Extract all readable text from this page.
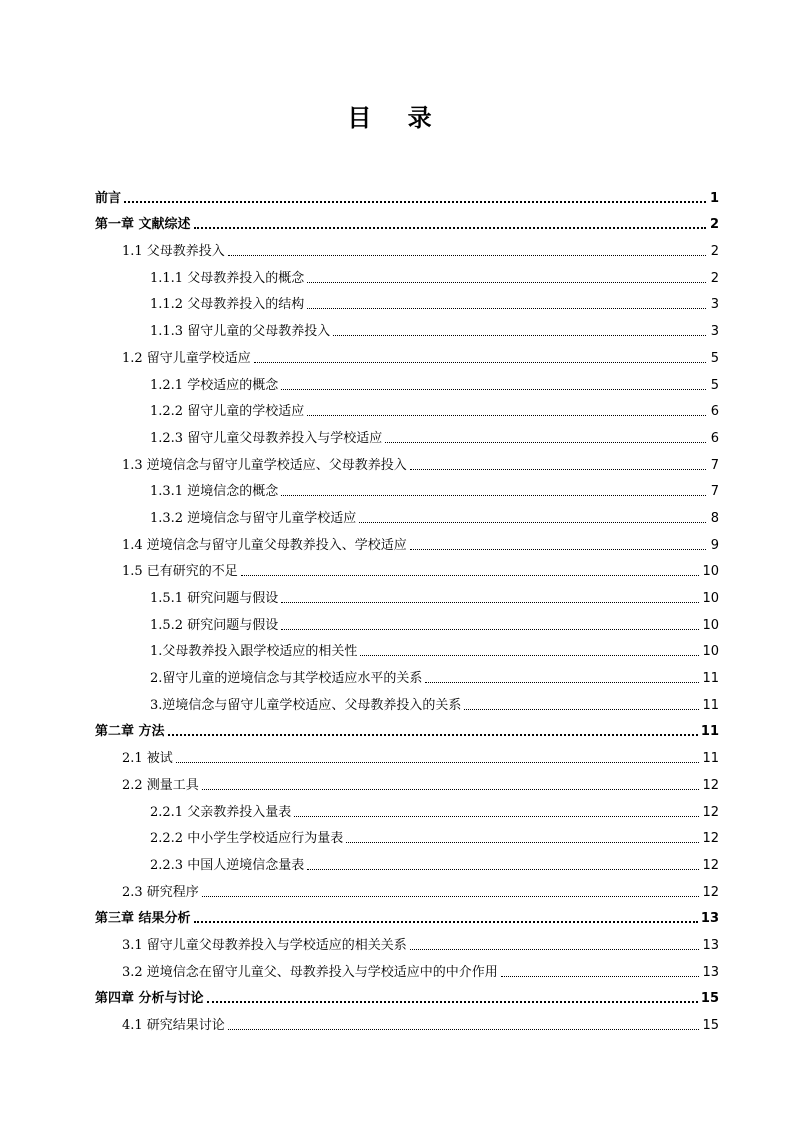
目 录
前言	1
第一章 文献综述	2
1.1 父母教养投入	2
1.1.1 父母教养投入的概念	2
1.1.2 父母教养投入的结构	3
1.1.3 留守儿童的父母教养投入	3
1.2 留守儿童学校适应	5
1.2.1 学校适应的概念	5
1.2.2 留守儿童的学校适应	6
1.2.3 留守儿童父母教养投入与学校适应	6
1.3 逆境信念与留守儿童学校适应、父母教养投入	7
1.3.1 逆境信念的概念	7
1.3.2 逆境信念与留守儿童学校适应	8
1.4 逆境信念与留守儿童父母教养投入、学校适应	9
1.5 已有研究的不足	10
1.5.1 研究问题与假设	10
1.5.2 研究问题与假设	10
1.父母教养投入跟学校适应的相关性	10
2.留守儿童的逆境信念与其学校适应水平的关系	11
3.逆境信念与留守儿童学校适应、父母教养投入的关系	11
第二章 方法	11
2.1 被试	11
2.2 测量工具	12
2.2.1 父亲教养投入量表	12
2.2.2 中小学生学校适应行为量表	12
2.2.3 中国人逆境信念量表	12
2.3 研究程序	12
第三章 结果分析	13
3.1 留守儿童父母教养投入与学校适应的相关关系	13
3.2 逆境信念在留守儿童父、母教养投入与学校适应中的中介作用	13
第四章 分析与讨论	15
4.1 研究结果讨论	15
